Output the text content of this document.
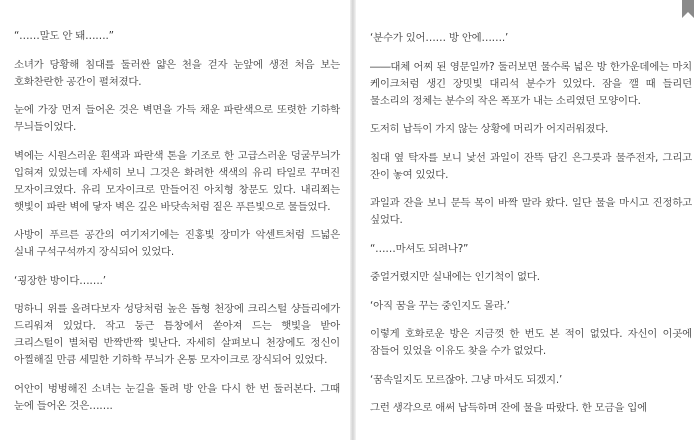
“……말도 안 돼…….”

소녀가 당황해 침대를 둘러싼 얇은 천을 걷자 눈앞에 생전 처음 보는 호화찬란한 공간이 펼쳐졌다.

눈에 가장 먼저 들어온 것은 벽면을 가득 채운 파란색으로 또렷한 기하학 무늬들이었다.

벽에는 시원스러운 흰색과 파란색 톤을 기조로 한 고급스러운 덩굴무늬가 입혀져 있었는데 자세히 보니 그것은 화려한 색색의 유리 타일로 꾸며진 모자이크였다. 유리 모자이크로 만들어진 아치형 창문도 있다. 내리쬐는 햇빛이 파란 벽에 닿자 벽은 깊은 바닷속처럼 짙은 푸른빛으로 물들었다.

사방이 푸르른 공간의 여기저기에는 진홍빛 장미가 악센트처럼 드넓은 실내 구석구석까지 장식되어 있었다.

‘굉장한 방이다…….’

멍하니 위를 올려다보자 성당처럼 높은 돔형 천장에 크리스털 샹들리에가 드리워져 있었다. 작고 둥근 틈창에서 쏟아져 드는 햇빛을 받아 크리스털이 별처럼 반짝반짝 빛난다. 자세히 살펴보니 천장에도 정신이 아찔해질 만큼 세밀한 기하학 무늬가 온통 모자이크로 장식되어 있었다.

어안이 벙벙해진 소녀는 눈길을 돌려 방 안을 다시 한 번 둘러본다. 그때 눈에 들어온 것은…….

‘분수가 있어…… 방 안에…….’

――대체 어찌 된 영문일까? 둘러보면 물수록 넓은 방 한가운데에는 마치 케이크처럼 생긴 장밋빛 대리석 분수가 있었다. 잠을 깰 때 들리던 물소리의 정체는 분수의 작은 폭포가 내는 소리였던 모양이다.

도저히 납득이 가지 않는 상황에 머리가 어지러워졌다.

침대 옆 탁자를 보니 낯선 과일이 잔뜩 담긴 은그릇과 물주전자, 그리고 잔이 놓여 있었다.

과일과 잔을 보니 문득 목이 바짝 말라 왔다. 일단 물을 마시고 진정하고 싶었다.

“……마셔도 되려나?”

중얼거렸지만 실내에는 인기척이 없다.

‘아직 꿈을 꾸는 중인지도 몰라.’

이렇게 호화로운 방은 지금껏 한 번도 본 적이 없었다. 자신이 이곳에 잠들어 있었을 이유도 찾을 수가 없었다.

‘꿈속일지도 모르잖아. 그냥 마셔도 되겠지.’

그런 생각으로 애써 납득하며 잔에 물을 따랐다. 한 모금을 입에
